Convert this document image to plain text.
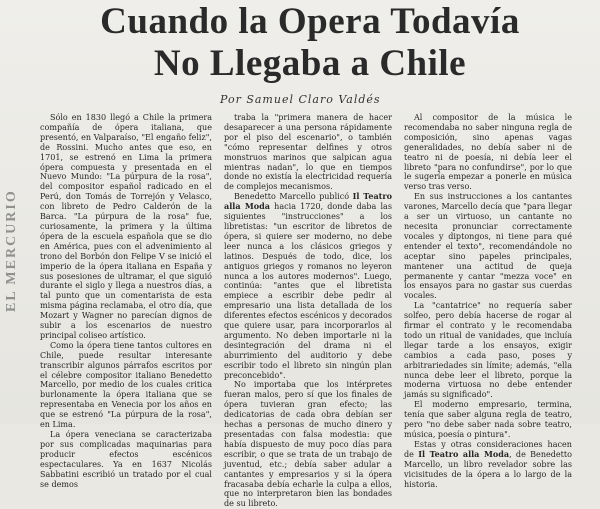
Cuando la Opera Todavía
No Llegaba a Chile
Por Samuel Claro Valdés
EL MERCURIO

Sólo en 1830 llegó a Chile la primera compañía de ópera italiana, que presentó, en Valparaíso, "El engaño feliz", de Rossini. Mucho antes que eso, en 1701, se estrenó en Lima la primera ópera compuesta y presentada en el Nuevo Mundo: "La púrpura de la rosa", del compositor español radicado en el Perú, don Tomás de Torrejón y Velasco, con libreto de Pedro Calderón de la Barca. "La púrpura de la rosa" fue, curiosamente, la primera y la última ópera de la escuela española que se dio en América, pues con el advenimiento al trono del Borbón don Felipe V se inició el imperio de la ópera italiana en España y sus posesiones de ultramar, el que siguió durante el siglo y llega a nuestros días, a tal punto que un comentarista de esta misma página reclamaba, el otro día, que Mozart y Wagner no parecían dignos de subir a los escenarios de nuestro principal coliseo artístico.

Como la ópera tiene tantos cultores en Chile, puede resultar interesante transcribir algunos párrafos escritos por el célebre compositor italiano Benedetto Marcello, por medio de los cuales critica burlonamente la ópera italiana que se representaba en Venecia por los años en que se estrenó "La púrpura de la rosa", en Lima.

La ópera veneciana se caracterizaba por sus complicadas maquinarias para producir efectos escénicos espectaculares. Ya en 1637 Nicolás Sabbatini escribió un tratado por el cual se demos

traba la "primera manera de hacer desaparecer a una persona rápidamente por el piso del escenario", o también "cómo representar delfines y otros monstruos marinos que salpican agua mientras nadan", lo que en tiempos donde no existía la electricidad requería de complejos mecanismos.

Benedetto Marcello publicó Il Teatro alla Moda hacia 1720, donde daba las siguientes "instrucciones" a los libretistas: "un escritor de libretos de ópera, si quiere ser moderno, no debe leer nunca a los clásicos griegos y latinos. Después de todo, dice, los antiguos griegos y romanos no leyeron nunca a los autores modernos". Luego, continúa: "antes que el libretista empiece a escribir debe pedir al empresario una lista detallada de los diferentes efectos escénicos y decorados que quiere usar, para incorporarlos al argumento. No deben importarle ni la desintegración del drama ni el aburrimiento del auditorio y debe escribir todo el libreto sin ningún plan preconcebido".

No importaba que los intérpretes fueran malos, pero sí que los finales de ópera tuvieran gran efecto; las dedicatorias de cada obra debían ser hechas a personas de mucho dinero y presentadas con falsa modestia: que había dispuesto de muy poco días para escribir, o que se trata de un trabajo de juventud, etc.; debía saber adular a cantantes y empresarios y si la ópera fracasaba debía echarle la culpa a ellos, que no interpretaron bien las bondades de su libreto.

Al compositor de la música le recomendaba no saber ninguna regla de composición, sino apenas vagas generalidades, no debía saber ni de teatro ni de poesía, ni debía leer el libreto "para no confundirse", por lo que le sugería empezar a ponerle en música verso tras verso.

En sus instrucciones a los cantantes varones, Marcello decía que "para llegar a ser un virtuoso, un cantante no necesita pronunciar correctamente vocales y diptongos, ni tiene para qué entender el texto", recomendándole no aceptar sino papeles principales, mantener una actitud de queja permanente y cantar "mezza voce" en los ensayos para no gastar sus cuerdas vocales.

La "cantatrice" no requería saber solfeo, pero debía hacerse de rogar al firmar el contrato y le recomendaba todo un ritual de vanidades, que incluía llegar tarde a los ensayos, exigir cambios a cada paso, poses y arbitrariedades sin límite; además, "ella nunca debe leer el libreto, porque la moderna virtuosa no debe entender jamás su significado".

El moderno empresario, termina, tenía que saber alguna regla de teatro, pero "no debe saber nada sobre teatro, música, poesía o pintura".

Estas y otras consideraciones hacen de Il Teatro alla Moda, de Benedetto Marcello, un libro revelador sobre las vicisitudes de la ópera a lo largo de la historia.
